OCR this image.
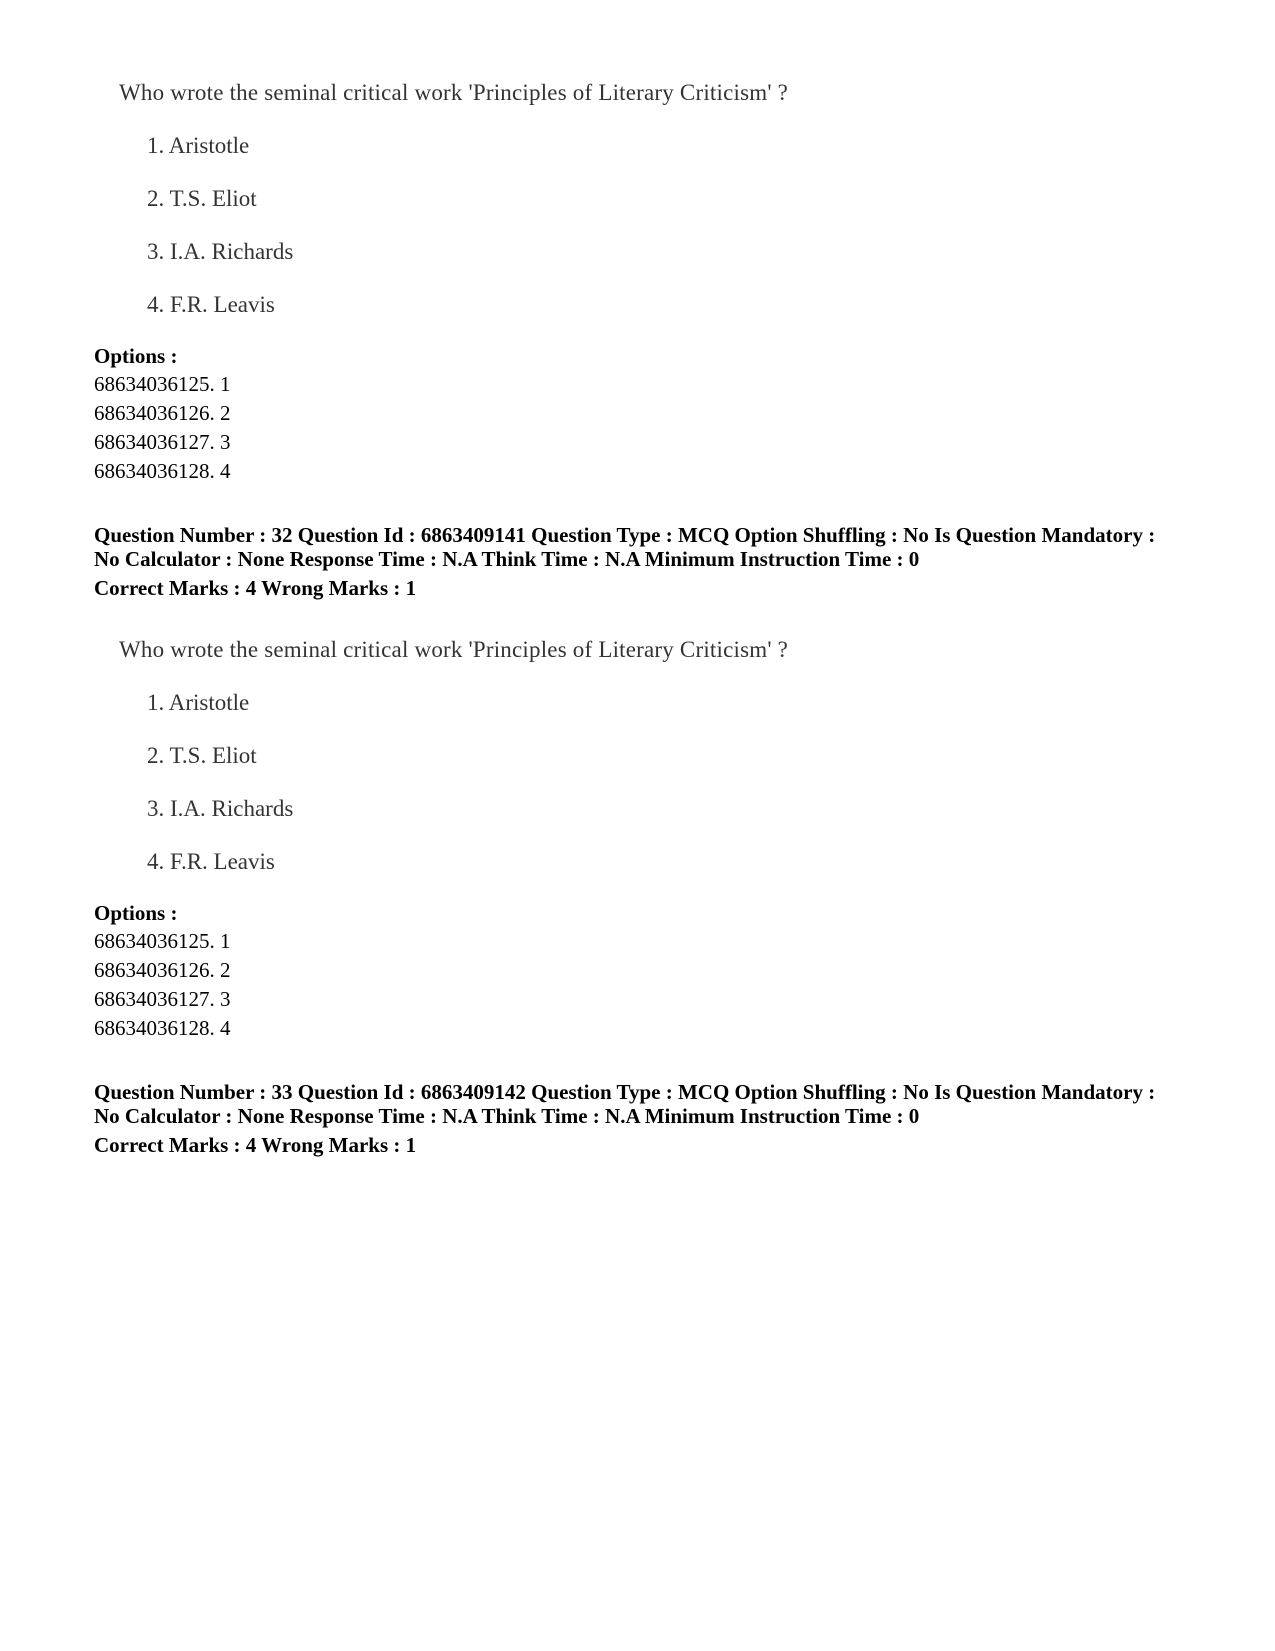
Who wrote the seminal critical work 'Principles of Literary Criticism' ?
1. Aristotle
2. T.S. Eliot
3. I.A. Richards
4. F.R. Leavis
Options :
68634036125. 1
68634036126. 2
68634036127. 3
68634036128. 4
Question Number : 32 Question Id : 6863409141 Question Type : MCQ Option Shuffling : No Is Question Mandatory :
No Calculator : None Response Time : N.A Think Time : N.A Minimum Instruction Time : 0
Correct Marks : 4 Wrong Marks : 1
Who wrote the seminal critical work 'Principles of Literary Criticism' ?
1. Aristotle
2. T.S. Eliot
3. I.A. Richards
4. F.R. Leavis
Options :
68634036125. 1
68634036126. 2
68634036127. 3
68634036128. 4
Question Number : 33 Question Id : 6863409142 Question Type : MCQ Option Shuffling : No Is Question Mandatory :
No Calculator : None Response Time : N.A Think Time : N.A Minimum Instruction Time : 0
Correct Marks : 4 Wrong Marks : 1
